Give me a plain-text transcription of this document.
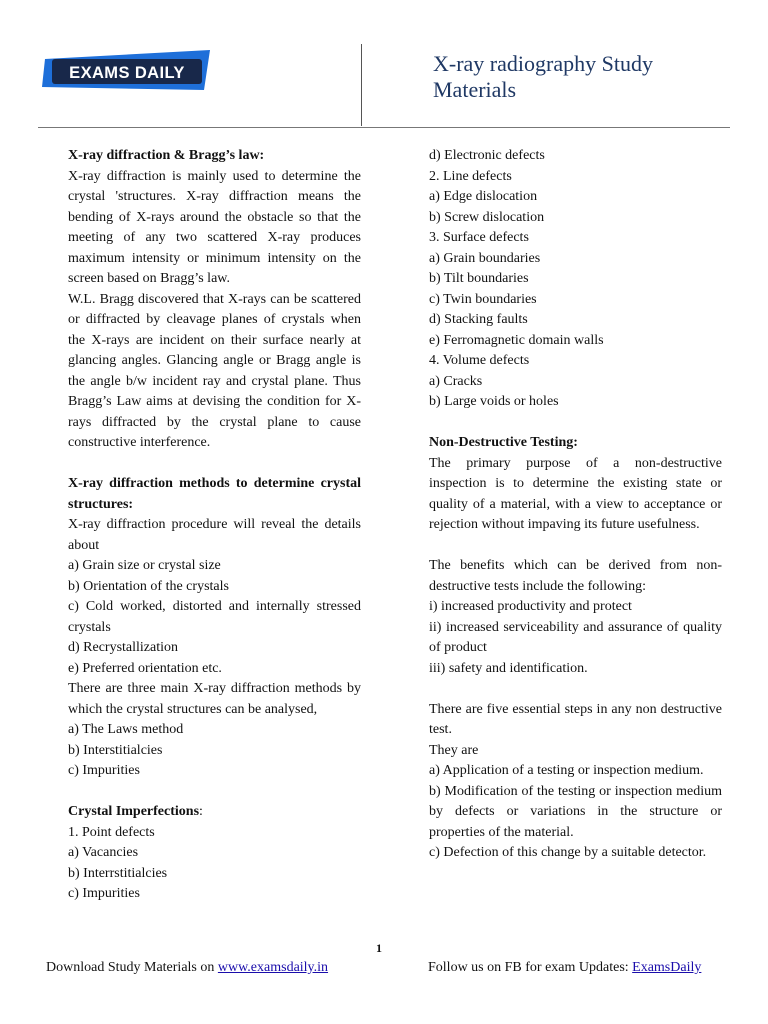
EXAMS DAILY	X-ray radiography Study Materials

X-ray diffraction & Bragg’s law:

X-ray diffraction is mainly used to determine the crystal 'structures. X-ray diffraction means the bending of X-rays around the obstacle so that the meeting of any two scattered X-ray produces maximum intensity or minimum intensity on the screen based on Bragg’s law.

W.L. Bragg discovered that X-rays can be scattered or diffracted by cleavage planes of crystals when the X-rays are incident on their surface nearly at glancing angles. Glancing angle or Bragg angle is the angle b/w incident ray and crystal plane. Thus Bragg’s Law aims at devising the condition for X-rays diffracted by the crystal plane to cause constructive interference.

X-ray diffraction methods to determine crystal structures:

X-ray diffraction procedure will reveal the details about

a) Grain size or crystal size

b) Orientation of the crystals

c) Cold worked, distorted and internally stressed crystals

d) Recrystallization

e) Preferred orientation etc.

There are three main X-ray diffraction methods by which the crystal structures can be analysed,

a) The Laws method

b) Interstitialcies

c) Impurities

Crystal Imperfections:

1. Point defects

a) Vacancies

b) Interrstitialcies

c) Impurities

d) Electronic defects

2. Line defects

a) Edge dislocation

b) Screw dislocation

3. Surface defects

a) Grain boundaries

b) Tilt boundaries

c) Twin boundaries

d) Stacking faults

e) Ferromagnetic domain walls

4. Volume defects

a) Cracks

b) Large voids or holes

Non-Destructive Testing:

The primary purpose of a non-destructive inspection is to determine the existing state or quality of a material, with a view to acceptance or rejection without impaving its future usefulness.

The benefits which can be derived from non-destructive tests include the following:

i) increased productivity and protect

ii) increased serviceability and assurance of quality of product

iii) safety and identification.

There are five essential steps in any non destructive test.

They are

a) Application of a testing or inspection medium.

b) Modification of the testing or inspection medium by defects or variations in the structure or properties of the material.

c) Defection of this change by a suitable detector.

1
Download Study Materials on www.examsdaily.in	Follow us on FB for exam Updates: ExamsDaily
